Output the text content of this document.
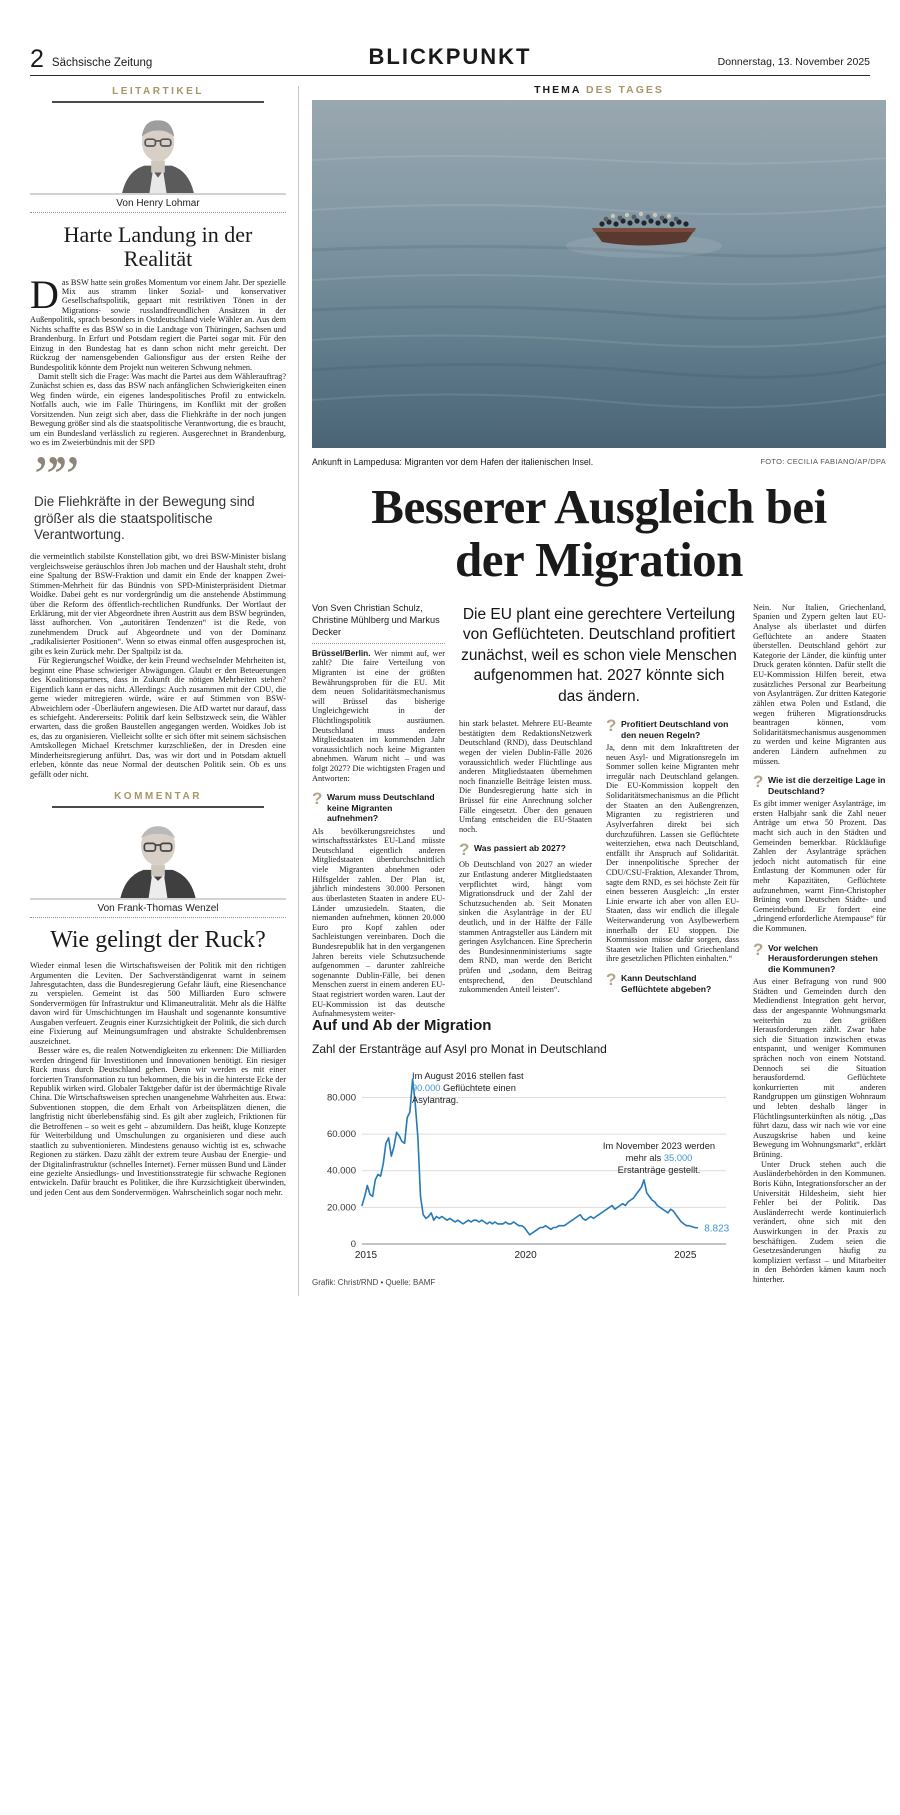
2 Sächsische Zeitung	BLICKPUNKT	Donnerstag, 13. November 2025
LEITARTIKEL
Von Henry Lohmar
Harte Landung in der Realität

Das BSW hatte sein großes Momentum vor einem Jahr. Der spezielle Mix aus stramm linker Sozial- und konservativer Gesellschaftspolitik, gepaart mit restriktiven Tönen in der Migrations- sowie russlandfreundlichen Ansätzen in der Außenpolitik, sprach besonders in Ostdeutschland viele Wähler an. Aus dem Nichts schaffte es das BSW so in die Landtage von Thüringen, Sachsen und Brandenburg. In Erfurt und Potsdam regiert die Partei sogar mit. Für den Einzug in den Bundestag hat es dann schon nicht mehr gereicht. Der Rückzug der namensgebenden Galionsfigur aus der ersten Reihe der Bundespolitik könnte dem Projekt nun weiteren Schwung nehmen.

Damit stellt sich die Frage: Was macht die Partei aus dem Wählerauftrag? Zunächst schien es, dass das BSW nach anfänglichen Schwierigkeiten einen Weg finden würde, ein eigenes landespolitisches Profil zu entwickeln. Notfalls auch, wie im Falle Thüringens, im Konflikt mit der großen Vorsitzenden. Nun zeigt sich aber, dass die Fliehkräfte in der noch jungen Bewegung größer sind als die staatspolitische Verantwortung, die es braucht, um ein Bundesland verlässlich zu regieren. Ausgerechnet in Brandenburg, wo es im Zweierbündnis mit der SPD

””
Die Fliehkräfte in der Bewegung sind größer als die staatspolitische Verantwortung.

die vermeintlich stabilste Konstellation gibt, wo drei BSW-Minister bislang vergleichsweise geräuschlos ihren Job machen und der Haushalt steht, droht eine Spaltung der BSW-Fraktion und damit ein Ende der knappen Zwei-Stimmen-Mehrheit für das Bündnis von SPD-Ministerpräsident Dietmar Woidke. Dabei geht es nur vordergründig um die anstehende Abstimmung über die Reform des öffentlich-rechtlichen Rundfunks. Der Wortlaut der Erklärung, mit der vier Abgeordnete ihren Austritt aus dem BSW begründen, lässt aufhorchen. Von „autoritären Tendenzen“ ist die Rede, von zunehmendem Druck auf Abgeordnete und von der Dominanz „radikalisierter Positionen“. Wenn so etwas einmal offen ausgesprochen ist, gibt es kein Zurück mehr. Der Spaltpilz ist da.

Für Regierungschef Woidke, der kein Freund wechselnder Mehrheiten ist, beginnt eine Phase schwieriger Abwägungen. Glaubt er den Beteuerungen des Koalitionspartners, dass in Zukunft die nötigen Mehrheiten stehen? Eigentlich kann er das nicht. Allerdings: Auch zusammen mit der CDU, die gerne wieder mitregieren würde, wäre er auf Stimmen von BSW-Abweichlern oder -Überläufern angewiesen. Die AfD wartet nur darauf, dass es schiefgeht. Andererseits: Politik darf kein Selbstzweck sein, die Wähler erwarten, dass die großen Baustellen angegangen werden. Woidkes Job ist es, das zu organisieren. Vielleicht sollte er sich öfter mit seinem sächsischen Amtskollegen Michael Kretschmer kurzschließen, der in Dresden eine Minderheitsregierung anführt. Das, was wir dort und in Potsdam aktuell erleben, könnte das neue Normal der deutschen Politik sein. Ob es uns gefällt oder nicht.

KOMMENTAR
Von Frank-Thomas Wenzel
Wie gelingt der Ruck?

Wieder einmal lesen die Wirtschaftsweisen der Politik mit den richtigen Argumenten die Leviten. Der Sachverständigenrat warnt in seinem Jahresgutachten, dass die Bundesregierung Gefahr läuft, eine Riesenchance zu verspielen. Gemeint ist das 500 Milliarden Euro schwere Sondervermögen für Infrastruktur und Klimaneutralität. Mehr als die Hälfte davon wird für Umschichtungen im Haushalt und sogenannte konsumtive Ausgaben verfeuert. Zeugnis einer Kurzsichtigkeit der Politik, die sich durch eine Fixierung auf Meinungsumfragen und abstrakte Schuldenbremsen auszeichnet.

Besser wäre es, die realen Notwendigkeiten zu erkennen: Die Milliarden werden dringend für Investitionen und Innovationen benötigt. Ein riesiger Ruck muss durch Deutschland gehen. Denn wir werden es mit einer forcierten Transformation zu tun bekommen, die bis in die hinterste Ecke der Republik wirken wird. Globaler Taktgeber dafür ist der übermächtige Rivale China. Die Wirtschaftsweisen sprechen unangenehme Wahrheiten aus. Etwa: Subventionen stoppen, die dem Erhalt von Arbeitsplätzen dienen, die langfristig nicht überlebensfähig sind. Es gilt aber zugleich, Friktionen für die Betroffenen – so weit es geht – abzumildern. Das heißt, kluge Konzepte für Weiterbildung und Umschulungen zu organisieren und diese auch staatlich zu subventionieren. Mindestens genauso wichtig ist es, schwache Regionen zu stärken. Dazu zählt der extrem teure Ausbau der Energie- und der Digitalinfrastruktur (schnelles Internet). Ferner müssen Bund und Länder eine gezielte Ansiedlungs- und Investitionsstrategie für schwache Regionen entwickeln. Dafür braucht es Politiker, die ihre Kurzsichtigkeit überwinden, und jeden Cent aus dem Sondervermögen. Wahrscheinlich sogar noch mehr.

THEMA DES TAGES
Ankunft in Lampedusa: Migranten vor dem Hafen der italienischen Insel.	FOTO: CECILIA FABIANO/AP/DPA
Besserer Ausgleich bei der Migration
Von Sven Christian Schulz, Christine Mühlberg und Markus Decker

Brüssel/Berlin. Wer nimmt auf, wer zahlt? Die faire Verteilung von Migranten ist eine der größten Bewährungsproben für die EU. Mit dem neuen Solidaritätsmechanismus will Brüssel das bisherige Ungleichgewicht in der Flüchtlingspolitik ausräumen. Deutschland muss anderen Mitgliedstaaten im kommenden Jahr voraussichtlich noch keine Migranten abnehmen. Warum nicht – und was folgt 2027? Die wichtigsten Fragen und Antworten:

? Warum muss Deutschland keine Migranten aufnehmen?

Als bevölkerungsreichstes und wirtschaftsstärkstes EU-Land müsste Deutschland eigentlich anderen Mitgliedstaaten überdurchschnittlich viele Migranten abnehmen oder Hilfsgelder zahlen. Der Plan ist, jährlich mindestens 30.000 Personen aus überlasteten Staaten in andere EU-Länder umzusiedeln. Staaten, die niemanden aufnehmen, können 20.000 Euro pro Kopf zahlen oder Sachleistungen vereinbaren. Doch die Bundesrepublik hat in den vergangenen Jahren bereits viele Schutzsuchende aufgenommen – darunter zahlreiche sogenannte Dublin-Fälle, bei denen Menschen zuerst in einem anderen EU-Staat registriert worden waren. Laut der EU-Kommission ist das deutsche Aufnahmesystem weiter-

Die EU plant eine gerechtere Verteilung von Geflüchteten. Deutschland profitiert zunächst, weil es schon viele Menschen aufgenommen hat. 2027 könnte sich das ändern.

hin stark belastet. Mehrere EU-Beamte bestätigten dem RedaktionsNetzwerk Deutschland (RND), dass Deutschland wegen der vielen Dublin-Fälle 2026 voraussichtlich weder Flüchtlinge aus anderen Mitgliedstaaten übernehmen noch finanzielle Beiträge leisten muss. Die Bundesregierung hatte sich in Brüssel für eine Anrechnung solcher Fälle eingesetzt. Über den genauen Umfang entscheiden die EU-Staaten noch.

? Was passiert ab 2027?

Ob Deutschland von 2027 an wieder zur Entlastung anderer Mitgliedstaaten verpflichtet wird, hängt vom Migrationsdruck und der Zahl der Schutzsuchenden ab. Seit Monaten sinken die Asylanträge in der EU deutlich, und in der Hälfte der Fälle stammen Antragsteller aus Ländern mit geringen Asylchancen. Eine Sprecherin des Bundesinnenministeriums sagte dem RND, man werde den Bericht prüfen und „sodann, dem Beitrag entsprechend, den Deutschland zukommenden Anteil leisten“.

? Profitiert Deutschland von den neuen Regeln?

Ja, denn mit dem Inkrafttreten der neuen Asyl- und Migrationsregeln im Sommer sollen keine Migranten mehr irregulär nach Deutschland gelangen. Die EU-Kommission koppelt den Solidaritätsmechanismus an die Pflicht der Staaten an den Außengrenzen, Migranten zu registrieren und Asylverfahren direkt bei sich durchzuführen. Lassen sie Geflüchtete weiterziehen, etwa nach Deutschland, entfällt ihr Anspruch auf Solidarität. Der innenpolitische Sprecher der CDU/CSU-Fraktion, Alexander Throm, sagte dem RND, es sei höchste Zeit für einen besseren Ausgleich: „In erster Linie erwarte ich aber von allen EU-Staaten, dass wir endlich die illegale Weiterwanderung von Asylbewerbern innerhalb der EU stoppen. Die Kommission müsse dafür sorgen, dass Staaten wie Italien und Griechenland ihre gesetzlichen Pflichten einhalten.“

? Kann Deutschland Geflüchtete abgeben?
Auf und Ab der Migration
Zahl der Erstanträge auf Asyl pro Monat in Deutschland
0
20.000
40.000
60.000
80.000
2015	2020	2025
8.823
Im August 2016 stellen fast
90.000 Geflüchtete einen
Asylantrag.
Im November 2023 werden
mehr als 35.000
Erstanträge gestellt.
Grafik: Christ/RND • Quelle: BAMF

Nein. Nur Italien, Griechenland, Spanien und Zypern gelten laut EU-Analyse als überlastet und dürfen Geflüchtete an andere Staaten überstellen. Deutschland gehört zur Kategorie der Länder, die künftig unter Druck geraten könnten. Dafür stellt die EU-Kommission Hilfen bereit, etwa zusätzliches Personal zur Bearbeitung von Asylanträgen. Zur dritten Kategorie zählen etwa Polen und Estland, die wegen früheren Migrationsdrucks beantragen können, vom Solidaritätsmechanismus ausgenommen zu werden und keine Migranten aus anderen Ländern aufnehmen zu müssen.

? Wie ist die derzeitige Lage in Deutschland?

Es gibt immer weniger Asylanträge, im ersten Halbjahr sank die Zahl neuer Anträge um etwa 50 Prozent. Das macht sich auch in den Städten und Gemeinden bemerkbar. Rückläufige Zahlen der Asylanträge sprächen jedoch nicht automatisch für eine Entlastung der Kommunen oder für mehr Kapazitäten, Geflüchtete aufzunehmen, warnt Finn-Christopher Brüning vom Deutschen Städte- und Gemeindebund. Er fordert eine „dringend erforderliche Atempause“ für die Kommunen.

? Vor welchen Herausforderungen stehen die Kommunen?

Aus einer Befragung von rund 900 Städten und Gemeinden durch den Mediendienst Integration geht hervor, dass der angespannte Wohnungsmarkt weiterhin zu den größten Herausforderungen zählt. Zwar habe sich die Situation inzwischen etwas entspannt, und weniger Kommunen sprächen noch von einem Notstand. Dennoch sei die Situation herausfordernd. Geflüchtete konkurrierten mit anderen Randgruppen um günstigen Wohnraum und lebten deshalb länger in Flüchtlingsunterkünften als nötig. „Das führt dazu, dass wir nach wie vor eine Auszugskrise haben und keine Bewegung im Wohnungsmarkt“, erklärt Brüning.

Unter Druck stehen auch die Ausländerbehörden in den Kommunen. Boris Kühn, Integrationsforscher an der Universität Hildesheim, sieht hier Fehler bei der Politik. Das Ausländerrecht werde kontinuierlich verändert, ohne sich mit den Auswirkungen in der Praxis zu beschäftigen. Zudem seien die Gesetzesänderungen häufig zu kompliziert verfasst – und Mitarbeiter in den Behörden kämen kaum noch hinterher.
